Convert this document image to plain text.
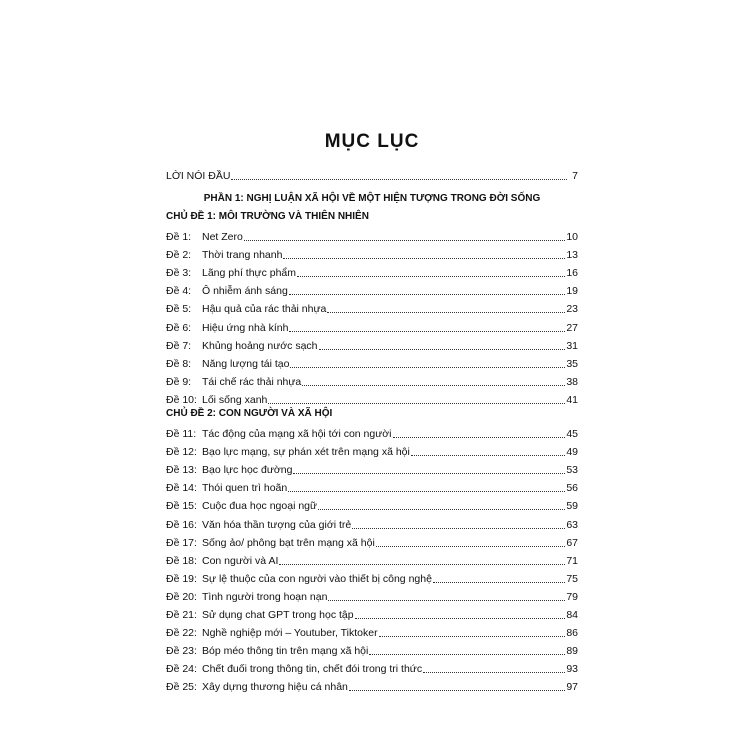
MỤC LỤC
LỜI NÓI ĐẦU	7
PHẦN 1: NGHỊ LUẬN XÃ HỘI VỀ MỘT HIỆN TƯỢNG TRONG ĐỜI SỐNG
CHỦ ĐỀ 1: MÔI TRƯỜNG VÀ THIÊN NHIÊN
Đề 1:	Net Zero	10
Đề 2:	Thời trang nhanh	13
Đề 3:	Lãng phí thực phẩm	16
Đề 4:	Ô nhiễm ánh sáng	19
Đề 5:	Hậu quả của rác thải nhựa	23
Đề 6:	Hiệu ứng nhà kính	27
Đề 7:	Khủng hoảng nước sạch	31
Đề 8:	Năng lượng tái tạo	35
Đề 9:	Tái chế rác thải nhựa	38
Đề 10: Lối sống xanh	41
CHỦ ĐỀ 2: CON NGƯỜI VÀ XÃ HỘI
Đề 11: Tác động của mạng xã hội tới con người	45
Đề 12: Bạo lực mạng, sự phán xét trên mạng xã hội	49
Đề 13: Bạo lực học đường	53
Đề 14: Thói quen trì hoãn	56
Đề 15: Cuộc đua học ngoại ngữ	59
Đề 16: Văn hóa thần tượng của giới trẻ	63
Đề 17: Sống ảo/ phông bạt trên mạng xã hội	67
Đề 18: Con người và AI	71
Đề 19: Sự lệ thuộc của con người vào thiết bị công nghệ	75
Đề 20: Tình người trong hoạn nạn	79
Đề 21: Sử dụng chat GPT trong học tập	84
Đề 22: Nghề nghiệp mới – Youtuber, Tiktoker	86
Đề 23: Bóp méo thông tin trên mạng xã hội	89
Đề 24: Chết đuối trong thông tin, chết đói trong tri thức	93
Đề 25: Xây dựng thương hiệu cá nhân	97
